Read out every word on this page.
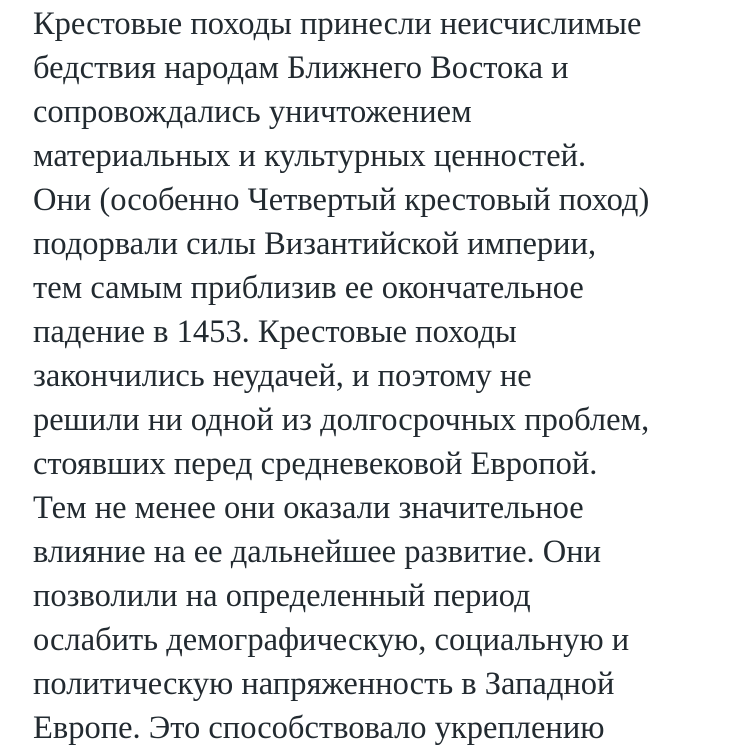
Крестовые походы принесли неисчислимые
бедствия народам Ближнего Востока и
сопровождались уничтожением
материальных и культурных ценностей.
Они (особенно Четвертый крестовый поход)
подорвали силы Византийской империи,
тем самым приблизив ее окончательное
падение в 1453. Крестовые походы
закончились неудачей, и поэтому не
решили ни одной из долгосрочных проблем,
стоявших перед средневековой Европой.
Тем не менее они оказали значительное
влияние на ее дальнейшее развитие. Они
позволили на определенный период
ослабить демографическую, социальную и
политическую напряженность в Западной
Европе. Это способствовало укреплению
